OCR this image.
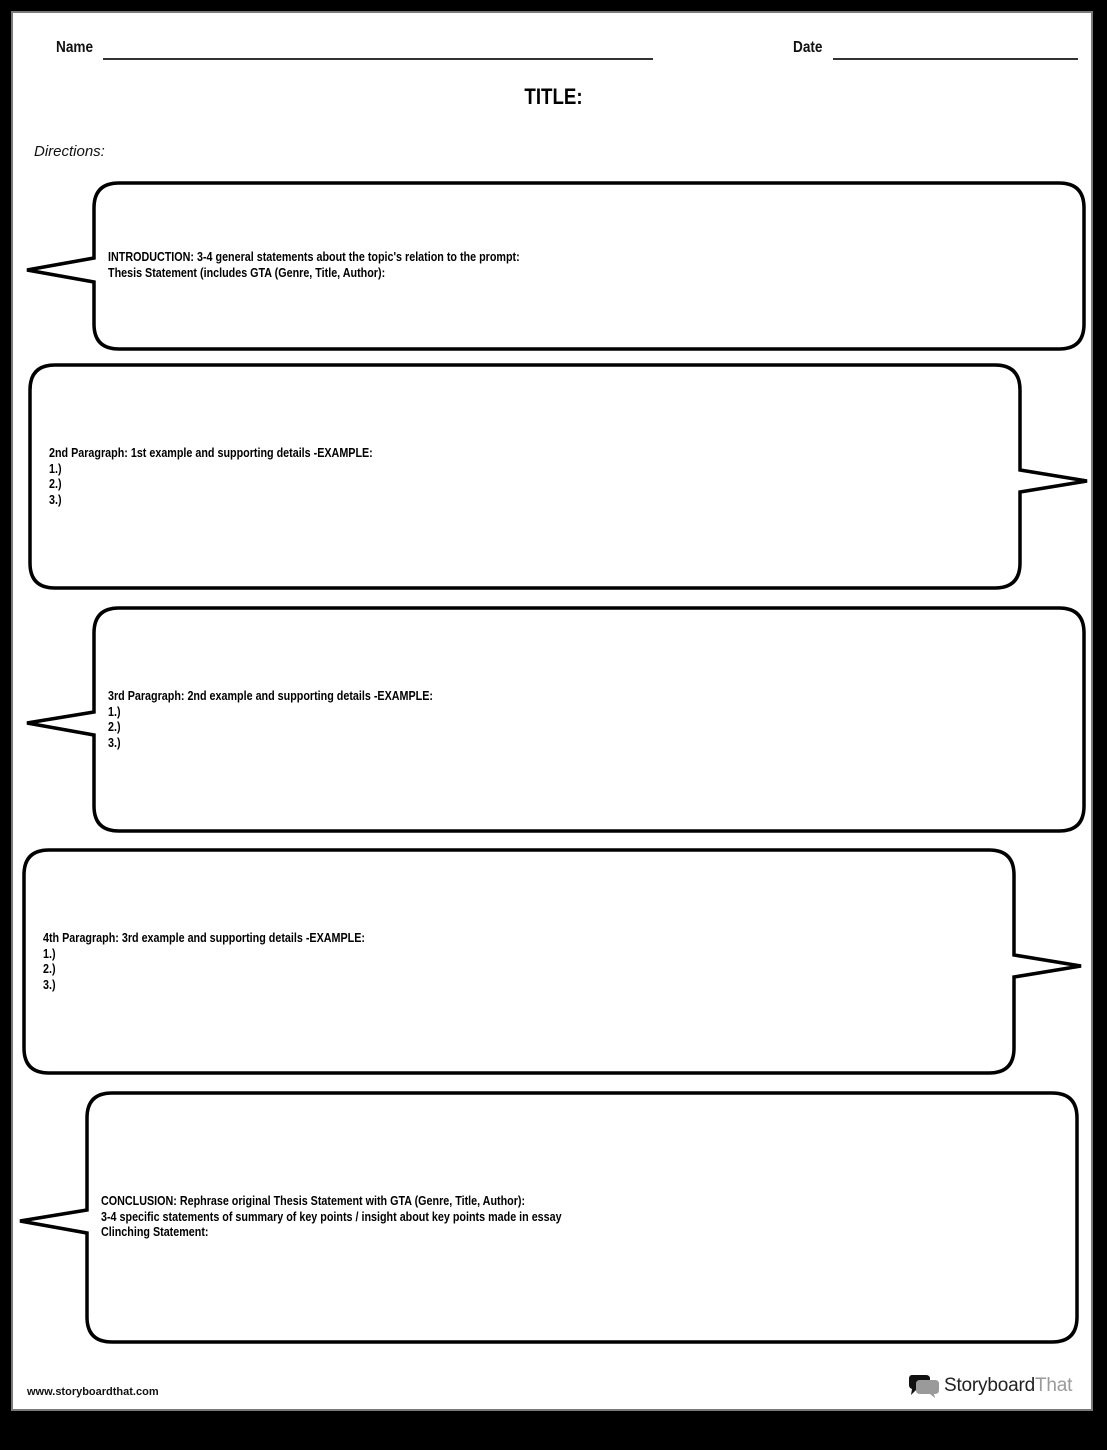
Name	Date
TITLE:
Directions:
INTRODUCTION: 3-4 general statements about the topic's relation to the prompt:
Thesis Statement (includes GTA (Genre, Title, Author):
2nd Paragraph: 1st example and supporting details -EXAMPLE:
1.)
2.)
3.)
3rd Paragraph: 2nd example and supporting details -EXAMPLE:
1.)
2.)
3.)
4th Paragraph: 3rd example and supporting details -EXAMPLE:
1.)
2.)
3.)
CONCLUSION: Rephrase original Thesis Statement with GTA (Genre, Title, Author):
3-4 specific statements of summary of key points / insight about key points made in essay
Clinching Statement:
www.storyboardthat.com	StoryboardThat
